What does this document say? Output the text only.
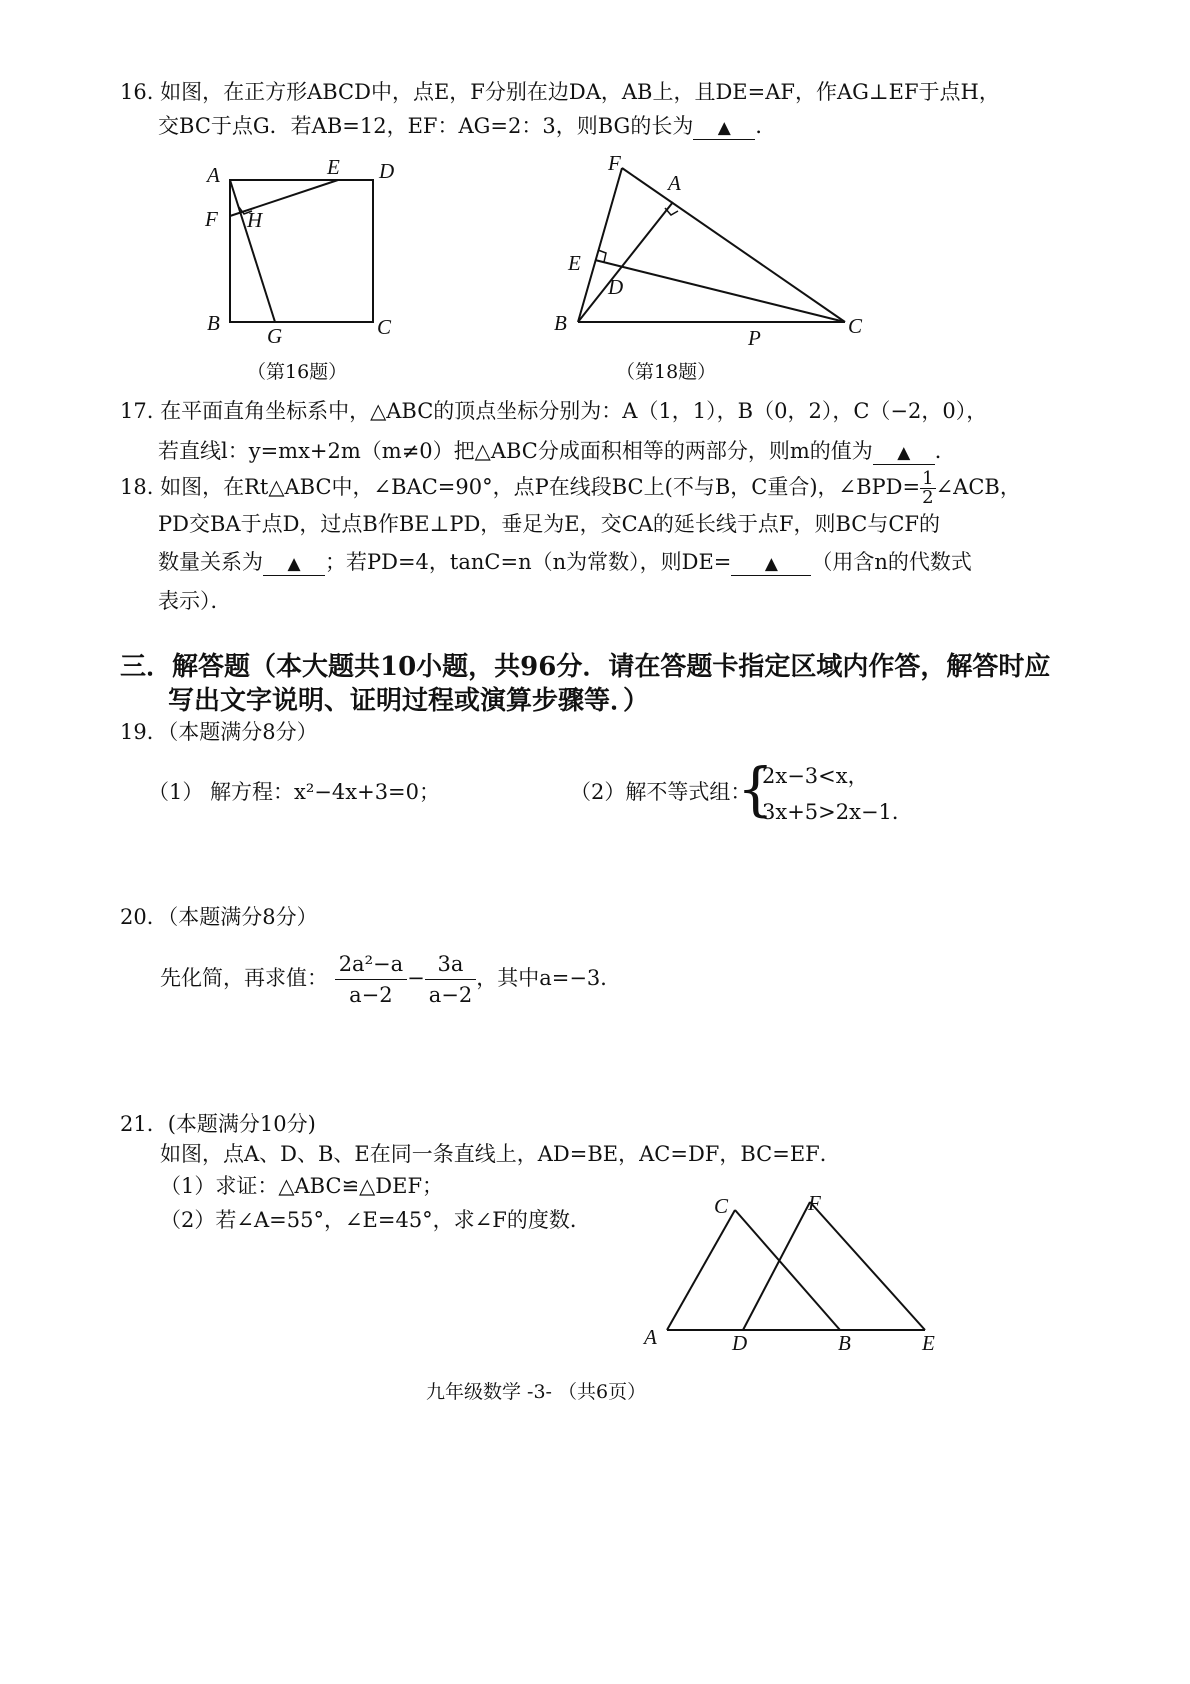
16. 如图，在正方形ABCD中，点E，F分别在边DA，AB上，且DE=AF，作AG⊥EF于点H，
交BC于点G．若AB=12，EF：AG=2：3，则BG的长为 ▲ ．
A	E D
F H
B
G	C
（第16题）
F
A
E
D
B
P	C
（第18题）
17. 在平面直角坐标系中，△ABC的顶点坐标分别为：A（1，1），B（0，2），C（−2，0），
若直线l：y=mx+2m（m≠0）把△ABC分成面积相等的两部分，则m的值为 ▲ ．
18. 如图，在Rt△ABC中，∠BAC=90°，点P在线段BC上(不与B，C重合)，∠BPD= $\frac{1}{2}$ ∠ACB，
PD交BA于点D，过点B作BE⊥PD，垂足为E，交CA的延长线于点F，则BC与CF的
数量关系为 ▲ ；若PD=4，tanC=n（n为常数），则DE= ▲ （用含n的代数式
表示）．
三．解答题（本大题共10小题，共96分．请在答题卡指定区域内作答，解答时应
写出文字说明、证明过程或演算步骤等．）
19．（本题满分8分）
（1） 解方程：x²−4x+3=0；	（2）解不等式组：
{
2x−3<x，
3x+5>2x−1．
20．（本题满分8分）
先化简，再求值： $\frac{\text{2a²−a}}{a-2} - \frac{3a}{a-2}$ ，其中a=−3．
21．(本题满分10分)
如图，点A、D、B、E在同一条直线上，AD=BE，AC=DF，BC=EF．
（1）求证：△ABC≌△DEF；
（2）若∠A=55°，∠E=45°，求∠F的度数．
C	F
A	D	B	E
九年级数学 -3- （共6页）
